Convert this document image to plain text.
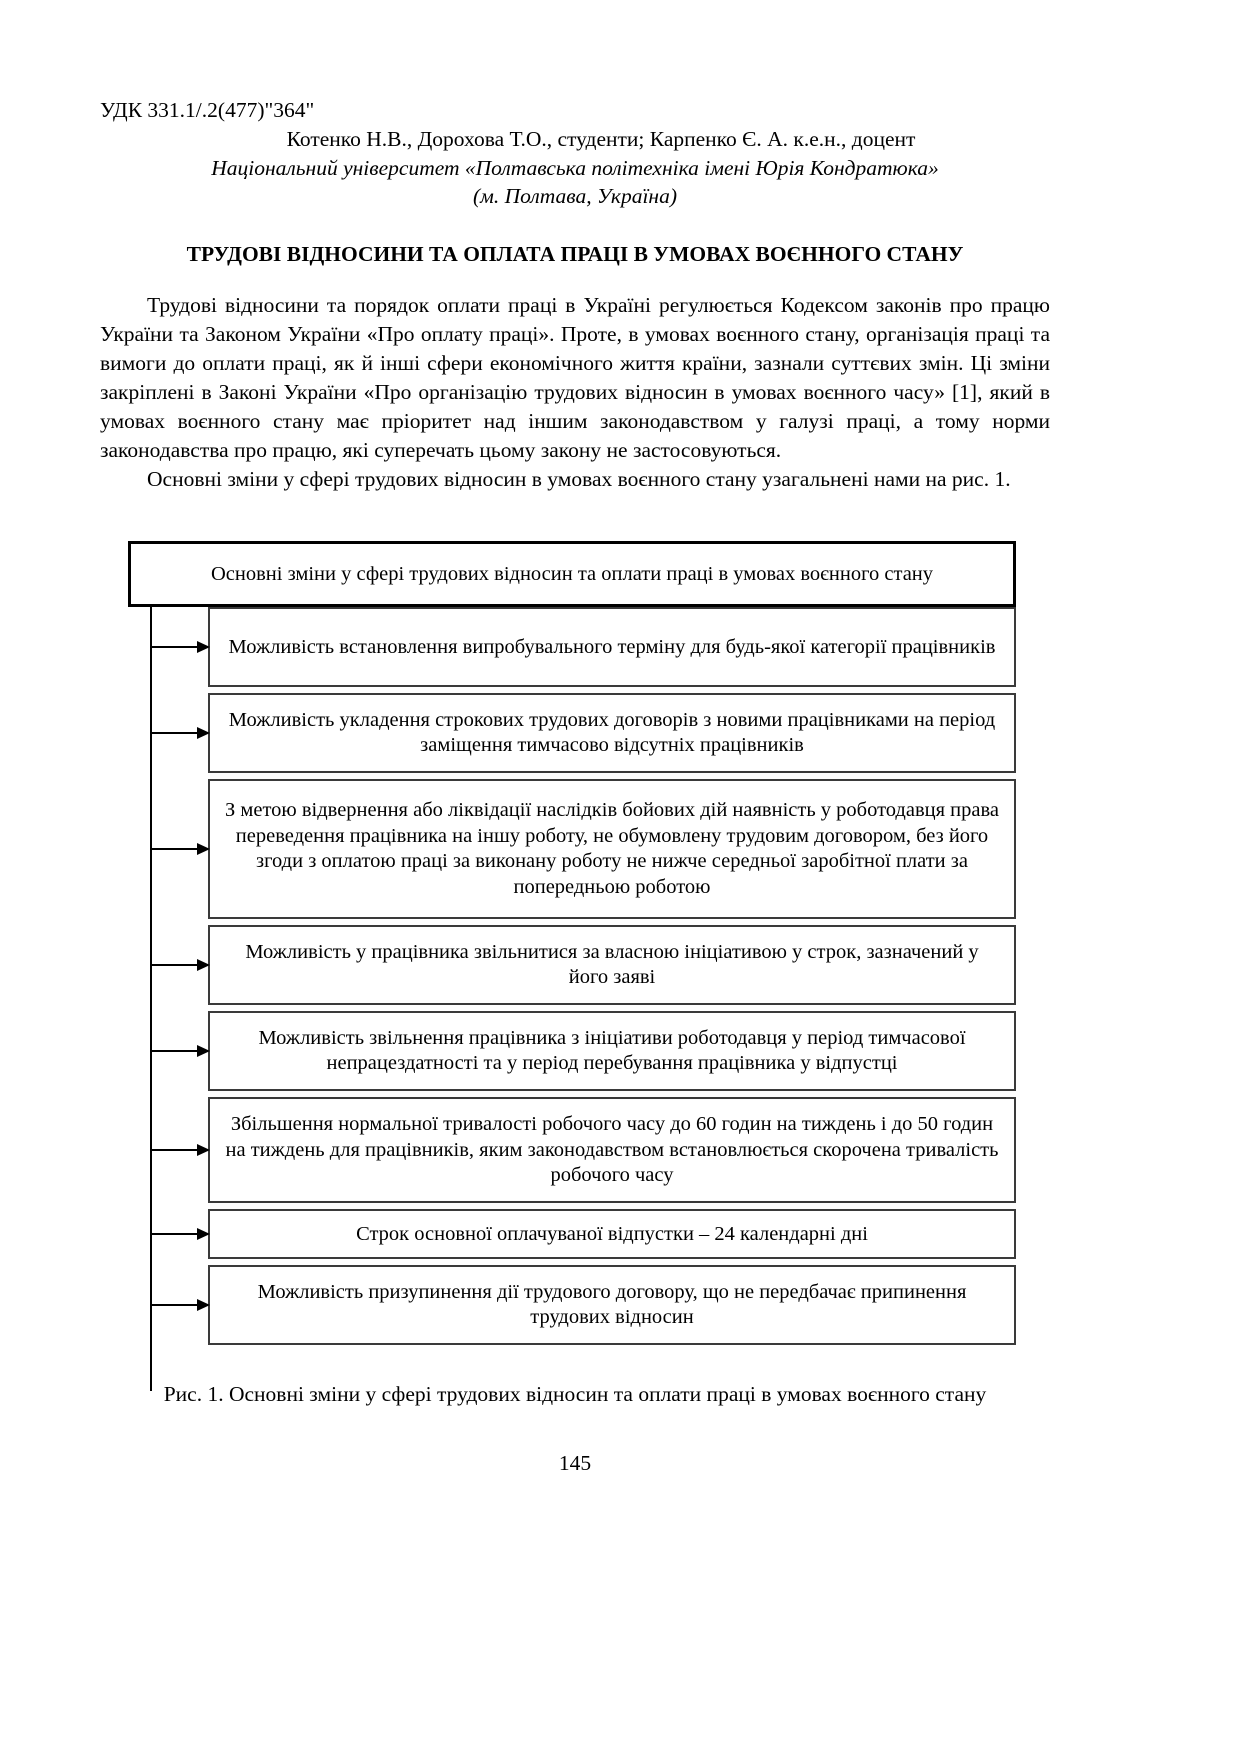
УДК 331.1/.2(477)"364"
Котенко Н.В., Дорохова Т.О., студенти; Карпенко Є. А. к.е.н., доцент
Національний університет «Полтавська політехніка імені Юрія Кондратюка»
(м. Полтава, Україна)
ТРУДОВІ ВІДНОСИНИ ТА ОПЛАТА ПРАЦІ В УМОВАХ ВОЄННОГО СТАНУ
Трудові відносини та порядок оплати праці в Україні регулюється Кодексом законів про працю України та Законом України «Про оплату праці». Проте, в умовах воєнного стану, організація праці та вимоги до оплати праці, як й інші сфери економічного життя країни, зазнали суттєвих змін. Ці зміни закріплені в Законі України «Про організацію трудових відносин в умовах воєнного часу» [1], який в умовах воєнного стану має пріоритет над іншим законодавством у галузі праці, а тому норми законодавства про працю, які суперечать цьому закону не застосовуються.
Основні зміни у сфері трудових відносин в умовах воєнного стану узагальнені нами на рис. 1.
Основні зміни у сфері трудових відносин та оплати праці в умовах воєнного стану
Можливість встановлення випробувального терміну для будь-якої категорії працівників
Можливість укладення строкових трудових договорів з новими працівниками на період заміщення тимчасово відсутніх працівників
З метою відвернення або ліквідації наслідків бойових дій наявність у роботодавця права переведення працівника на іншу роботу, не обумовлену трудовим договором, без його згоди з оплатою праці за виконану роботу не нижче середньої заробітної плати за попередньою роботою
Можливість у працівника звільнитися за власною ініціативою у строк, зазначений у його заяві
Можливість звільнення працівника з ініціативи роботодавця у період тимчасової непрацездатності та у період перебування працівника у відпустці
Збільшення нормальної тривалості робочого часу до 60 годин на тиждень і до 50 годин на тиждень для працівників, яким законодавством встановлюється скорочена тривалість робочого часу
Строк основної оплачуваної відпустки – 24 календарні дні
Можливість призупинення дії трудового договору, що не передбачає припинення трудових відносин
Рис. 1. Основні зміни у сфері трудових відносин та оплати праці в умовах воєнного стану
145
